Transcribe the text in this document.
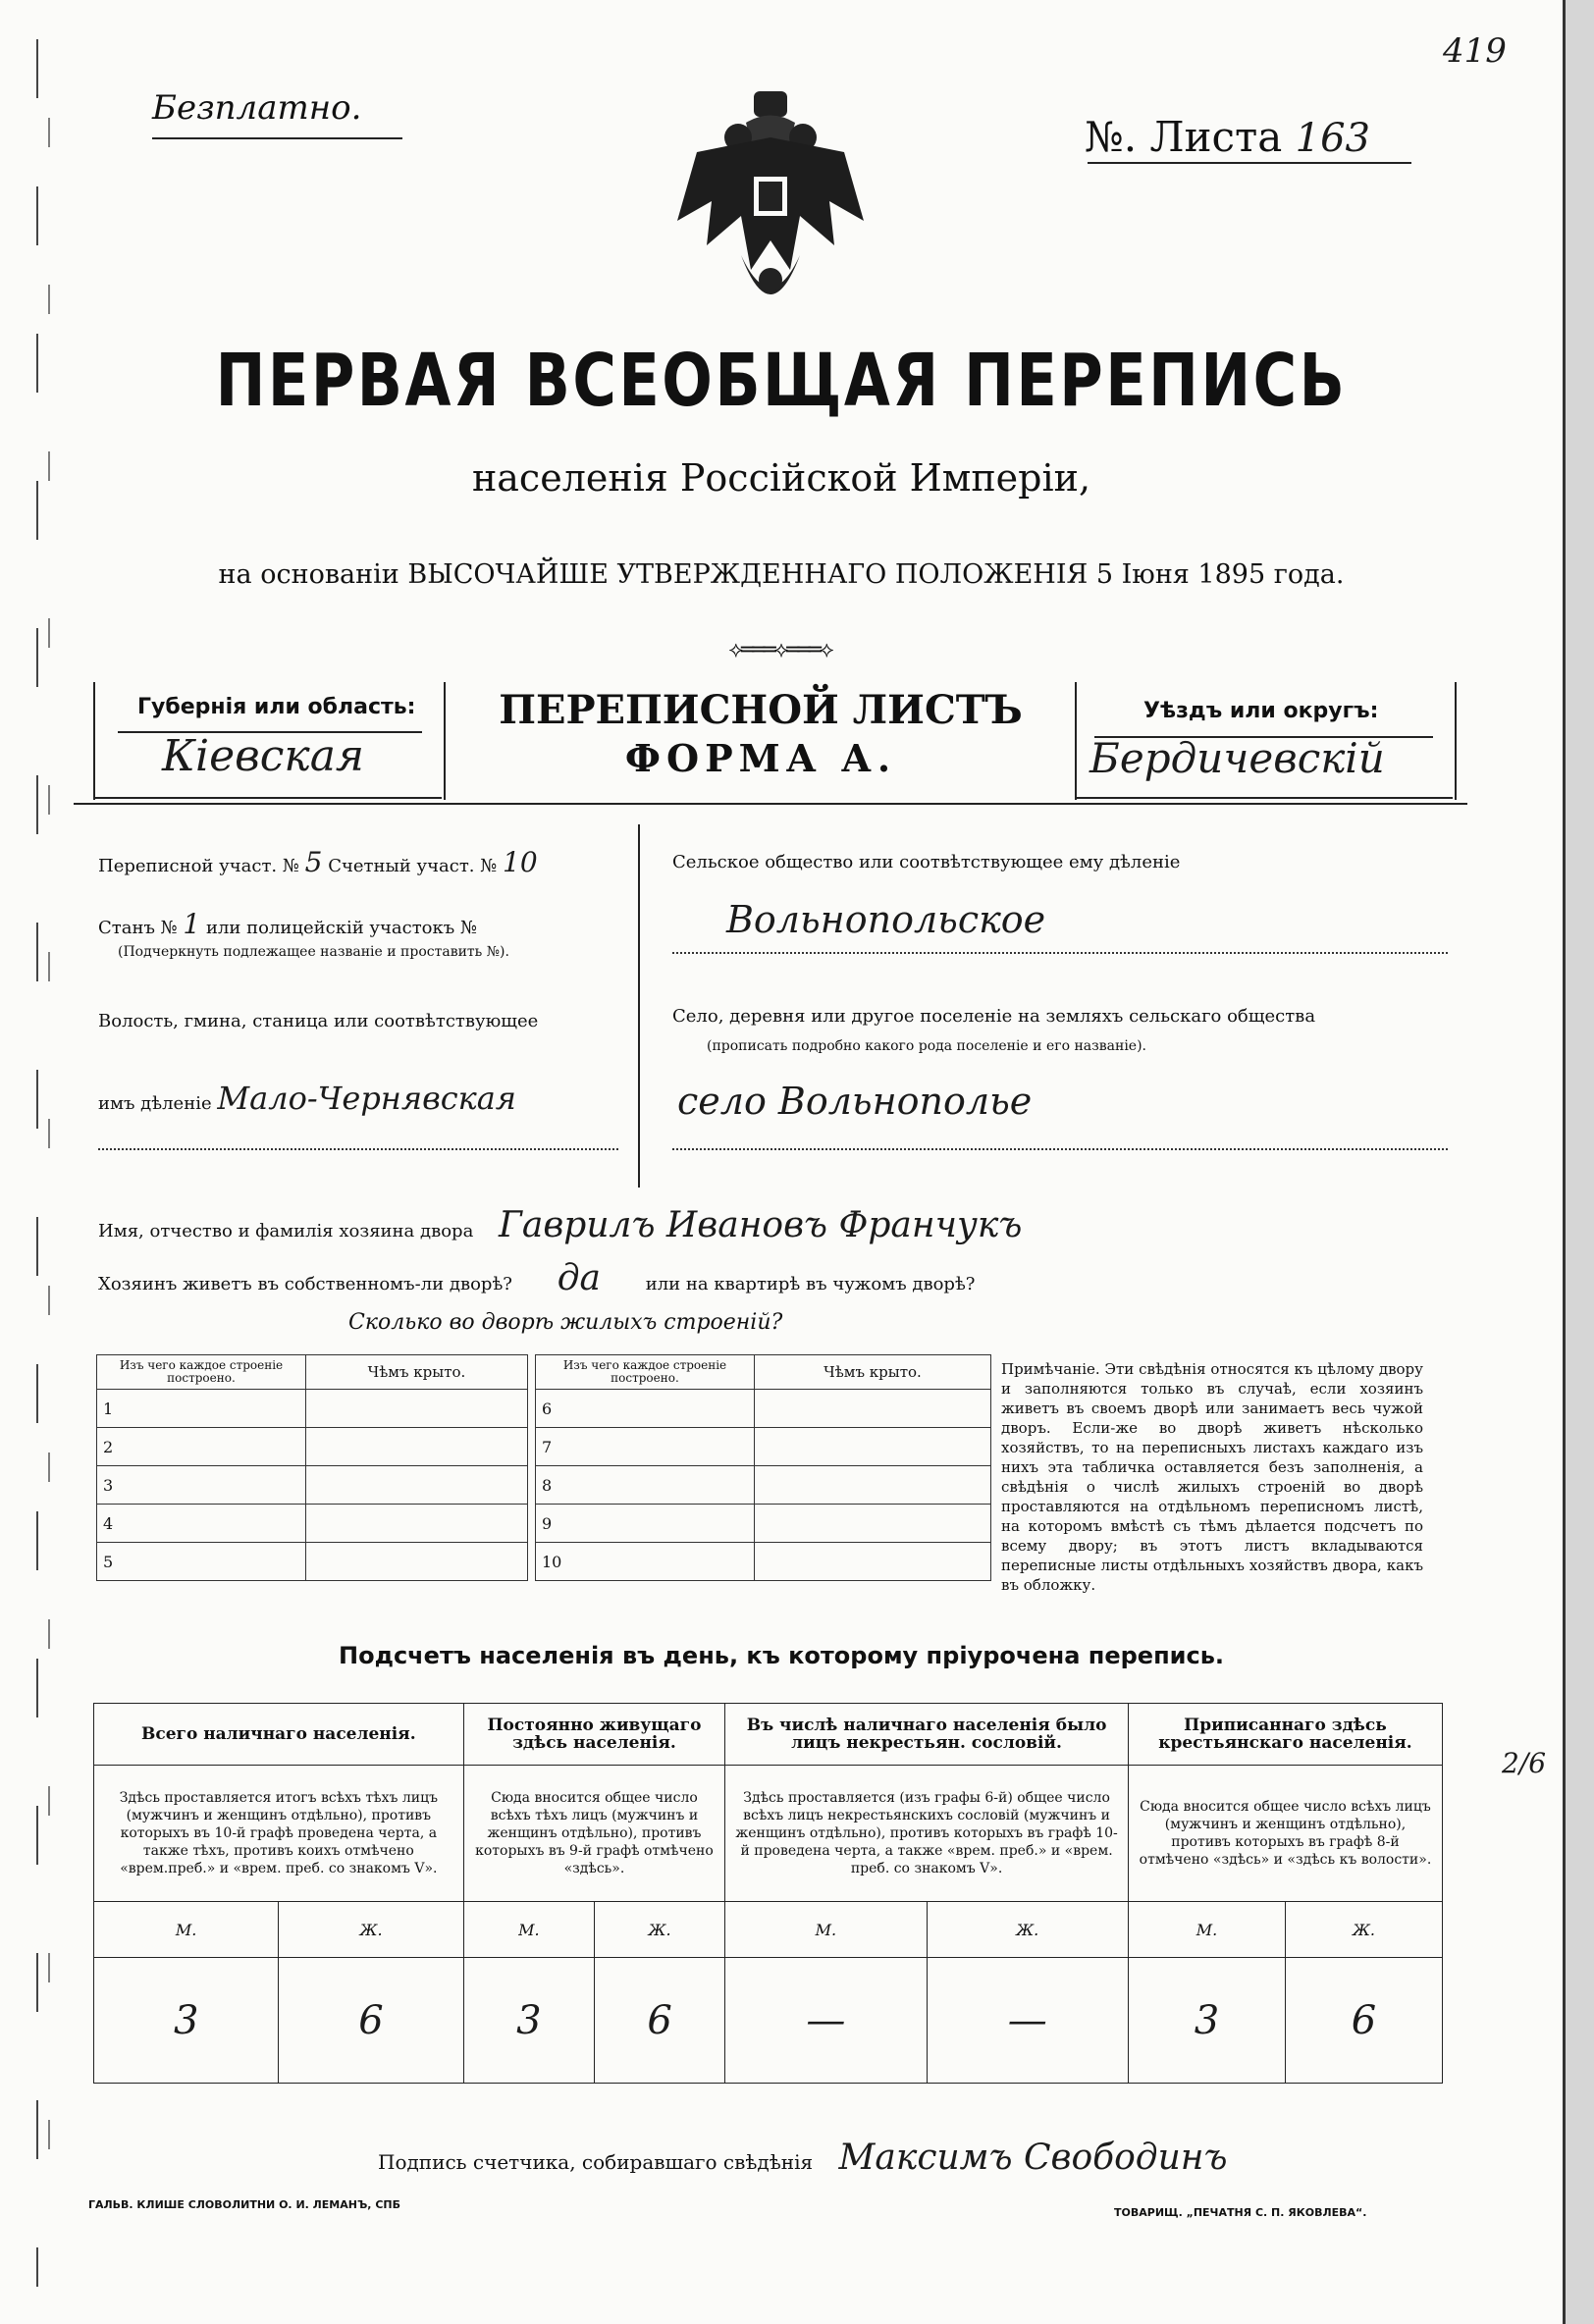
Безплатно.
№. Листа 163
419
ПЕРВАЯ ВСЕОБЩАЯ ПЕРЕПИСЬ
населенія Россійской Имперіи,
на основаніи ВЫСОЧАЙШЕ УТВЕРЖДЕННАГО ПОЛОЖЕНІЯ 5 Іюня 1895 года.
⟡═══⟡═══⟡
Губернія или область:
Кіевская
ПЕРЕПИСНОЙ ЛИСТЪ
ФОРМА А.
Уѣздъ или округъ:
Бердичевскій
Переписной участ. № 5 Счетный участ. № 10
Станъ № 1 или полицейскій участокъ №
(Подчеркнуть подлежащее названіе и проставить №).
Волость, гмина, станица или соотвѣтствующее
имъ дѣленіе Мало-Чернявская
Сельское общество или соотвѣтствующее ему дѣленіе
Вольнопольское
Село, деревня или другое поселеніе на земляхъ сельскаго общества
(прописать подробно какого рода поселеніе и его названіе).
село Вольнополье
Имя, отчество и фамилія хозяина двора Гаврилъ Ивановъ Франчукъ
Хозяинъ живетъ въ собственномъ-ли дворѣ? да	или на квартирѣ въ чужомъ дворѣ?
Сколько во дворѣ жилыхъ строеній?
Изъ чего каждое строеніе построено.	Чѣмъ крыто.
1	
2	
3	
4	
5	
Изъ чего каждое строеніе построено.	Чѣмъ крыто.
6	
7	
8	
9	
10	
Примѣчаніе. Эти свѣдѣнія относятся къ цѣлому двору и заполняются только въ случаѣ, если хозяинъ живетъ въ своемъ дворѣ или занимаетъ весь чужой дворъ. Если-же во дворѣ живетъ нѣсколько хозяйствъ, то на переписныхъ листахъ каждаго изъ нихъ эта табличка оставляется безъ заполненія, а свѣдѣнія о числѣ жилыхъ строеній во дворѣ проставляются на отдѣльномъ переписномъ листѣ, на которомъ вмѣстѣ съ тѣмъ дѣлается подсчетъ по всему двору; въ этотъ листъ вкладываются переписные листы отдѣльныхъ хозяйствъ двора, какъ въ обложку.
Подсчетъ населенія въ день, къ которому пріурочена перепись.
Всего наличнаго населенія.		Постоянно живущаго здѣсь населенія.		Въ числѣ наличнаго населенія было лицъ некрестьян. сословій.		Приписаннаго здѣсь крестьянскаго населенія.	
Здѣсь проставляется итогъ всѣхъ тѣхъ лицъ (мужчинъ и женщинъ отдѣльно), противъ которыхъ въ 10-й графѣ проведена черта, а также тѣхъ, противъ коихъ отмѣчено «врем.преб.» и «врем. преб. со знакомъ V».		Сюда вносится общее число всѣхъ тѣхъ лицъ (мужчинъ и женщинъ отдѣльно), противъ которыхъ въ 9-й графѣ отмѣчено «здѣсь».		Здѣсь проставляется (изъ графы 6-й) общее число всѣхъ лицъ некрестьянскихъ сословій (мужчинъ и женщинъ отдѣльно), противъ которыхъ въ графѣ 10-й проведена черта, а также «врем. преб.» и «врем. преб. со знакомъ V».		Сюда вносится общее число всѣхъ лицъ (мужчинъ и женщинъ отдѣльно), противъ которыхъ въ графѣ 8-й отмѣчено «здѣсь» и «здѣсь къ волости».	
М.	Ж.	М.	Ж.	М.	Ж.	М.	Ж.
3	6	3	6	—	—	3	6
2/6
Подпись счетчика, собиравшаго свѣдѣнія Максимъ Свободинъ
ГАЛЬВ. КЛИШЕ СЛОВОЛИТНИ О. И. ЛЕМАНЪ, СПБ
ТОВАРИЩ. „ПЕЧАТНЯ С. П. ЯКОВЛЕВА“.
